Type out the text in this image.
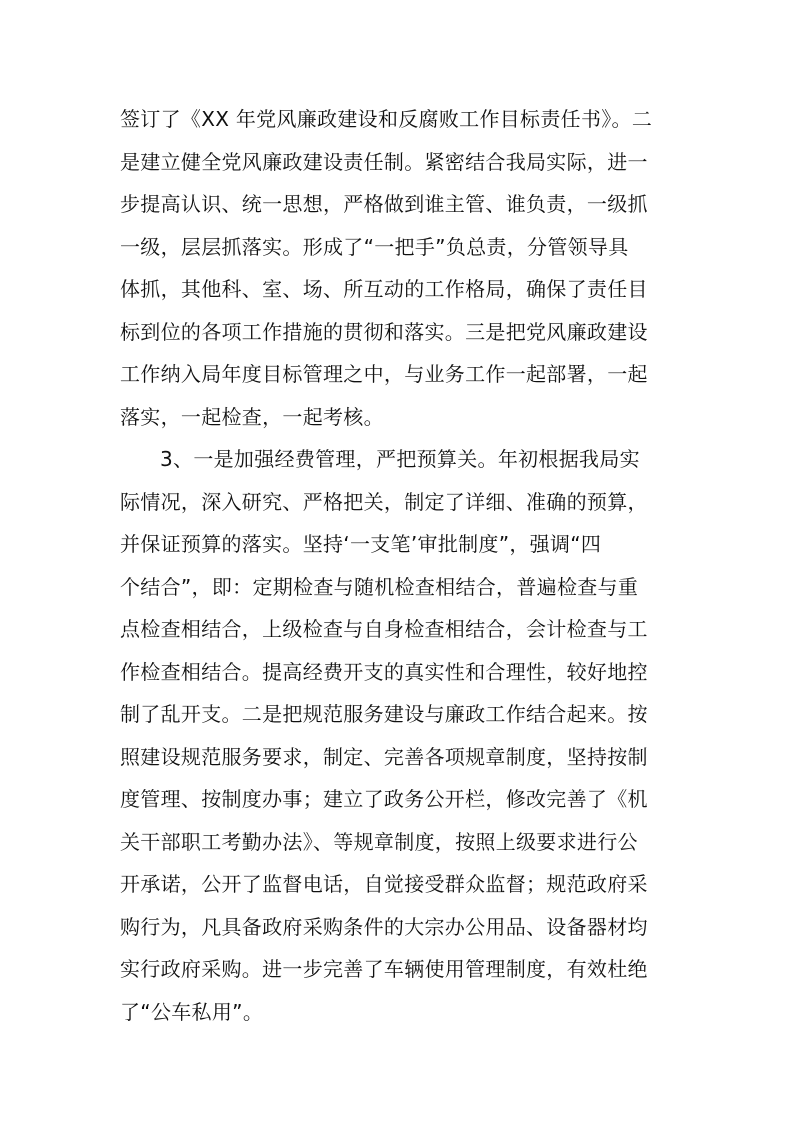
签订了《XX 年党风廉政建设和反腐败工作目标责任书》。二
是建立健全党风廉政建设责任制。紧密结合我局实际，进一
步提高认识、统一思想，严格做到谁主管、谁负责，一级抓
一级，层层抓落实。形成了“一把手”负总责，分管领导具
体抓，其他科、室、场、所互动的工作格局，确保了责任目
标到位的各项工作措施的贯彻和落实。三是把党风廉政建设
工作纳入局年度目标管理之中，与业务工作一起部署，一起
落实，一起检查，一起考核。
3、一是加强经费管理，严把预算关。年初根据我局实
际情况，深入研究、严格把关，制定了详细、准确的预算，
并保证预算的落实。坚持‘一支笔’审批制度”，强调“四
个结合”，即：定期检查与随机检查相结合，普遍检查与重
点检查相结合，上级检查与自身检查相结合，会计检查与工
作检查相结合。提高经费开支的真实性和合理性，较好地控
制了乱开支。二是把规范服务建设与廉政工作结合起来。按
照建设规范服务要求，制定、完善各项规章制度，坚持按制
度管理、按制度办事；建立了政务公开栏，修改完善了《机
关干部职工考勤办法》、等规章制度，按照上级要求进行公
开承诺，公开了监督电话，自觉接受群众监督；规范政府采
购行为，凡具备政府采购条件的大宗办公用品、设备器材均
实行政府采购。进一步完善了车辆使用管理制度，有效杜绝
了“公车私用”。
